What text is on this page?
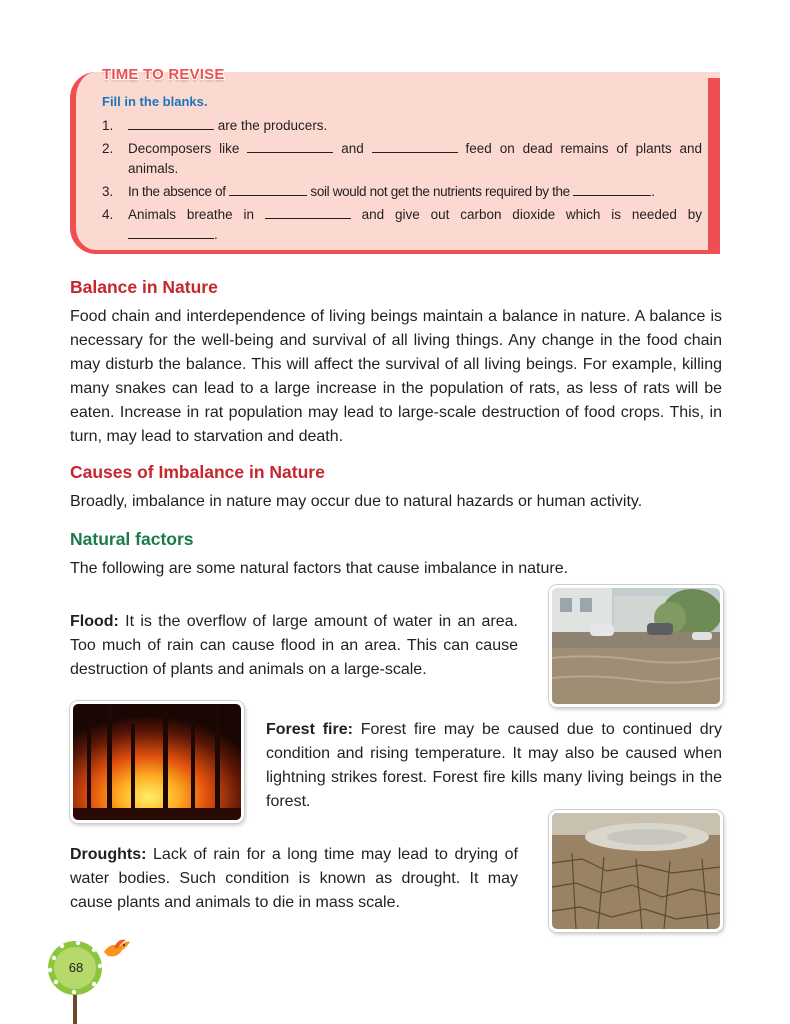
TIME TO REVISE
Fill in the blanks.
1.	are the producers.
2.	Decomposers like	and	feed on dead remains of plants and animals.
3.	In the absence of	soil would not get the nutrients required by the	.
4.	Animals breathe in	and give out carbon dioxide which is needed by .
Balance in Nature

Food chain and interdependence of living beings maintain a balance in nature. A balance is necessary for the well-being and survival of all living things. Any change in the food chain may disturb the balance. This will affect the survival of all living beings. For example, killing many snakes can lead to a large increase in the population of rats, as less of rats will be eaten. Increase in rat population may lead to large-scale destruction of food crops. This, in turn, may lead to starvation and death.

Causes of Imbalance in Nature

Broadly, imbalance in nature may occur due to natural hazards or human activity.

Natural factors

The following are some natural factors that cause imbalance in nature.

Flood: It is the overflow of large amount of water in an area. Too much of rain can cause flood in an area. This can cause destruction of plants and animals on a large-scale.

Forest fire: Forest fire may be caused due to continued dry condition and rising temperature. It may also be caused when lightning strikes forest. Forest fire kills many living beings in the forest.

Droughts: Lack of rain for a long time may lead to drying of water bodies. Such condition is known as drought. It may cause plants and animals to die in mass scale.

68
